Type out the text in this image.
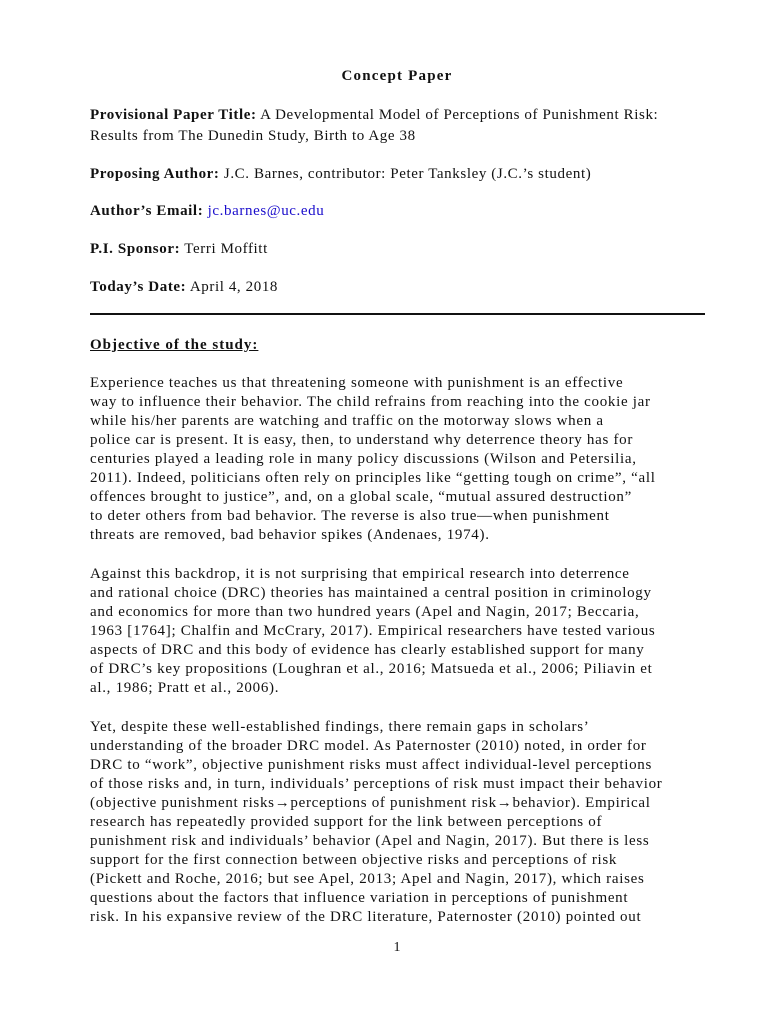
Concept Paper
Provisional Paper Title: A Developmental Model of Perceptions of Punishment Risk:
Results from The Dunedin Study, Birth to Age 38
Proposing Author: J.C. Barnes, contributor: Peter Tanksley (J.C.’s student)
Author’s Email: jc.barnes@uc.edu
P.I. Sponsor: Terri Moffitt
Today’s Date: April 4, 2018
Objective of the study:
Experience teaches us that threatening someone with punishment is an effective
way to influence their behavior. The child refrains from reaching into the cookie jar
while his/her parents are watching and traffic on the motorway slows when a
police car is present. It is easy, then, to understand why deterrence theory has for
centuries played a leading role in many policy discussions (Wilson and Petersilia,
2011). Indeed, politicians often rely on principles like “getting tough on crime”, “all
offences brought to justice”, and, on a global scale, “mutual assured destruction”
to deter others from bad behavior. The reverse is also true—when punishment
threats are removed, bad behavior spikes (Andenaes, 1974).
Against this backdrop, it is not surprising that empirical research into deterrence
and rational choice (DRC) theories has maintained a central position in criminology
and economics for more than two hundred years (Apel and Nagin, 2017; Beccaria,
1963 [1764]; Chalfin and McCrary, 2017). Empirical researchers have tested various
aspects of DRC and this body of evidence has clearly established support for many
of DRC’s key propositions (Loughran et al., 2016; Matsueda et al., 2006; Piliavin et
al., 1986; Pratt et al., 2006).
Yet, despite these well-established findings, there remain gaps in scholars’
understanding of the broader DRC model. As Paternoster (2010) noted, in order for
DRC to “work”, objective punishment risks must affect individual-level perceptions
of those risks and, in turn, individuals’ perceptions of risk must impact their behavior
(objective punishment risks→perceptions of punishment risk→behavior). Empirical
research has repeatedly provided support for the link between perceptions of
punishment risk and individuals’ behavior (Apel and Nagin, 2017). But there is less
support for the first connection between objective risks and perceptions of risk
(Pickett and Roche, 2016; but see Apel, 2013; Apel and Nagin, 2017), which raises
questions about the factors that influence variation in perceptions of punishment
risk. In his expansive review of the DRC literature, Paternoster (2010) pointed out
1
